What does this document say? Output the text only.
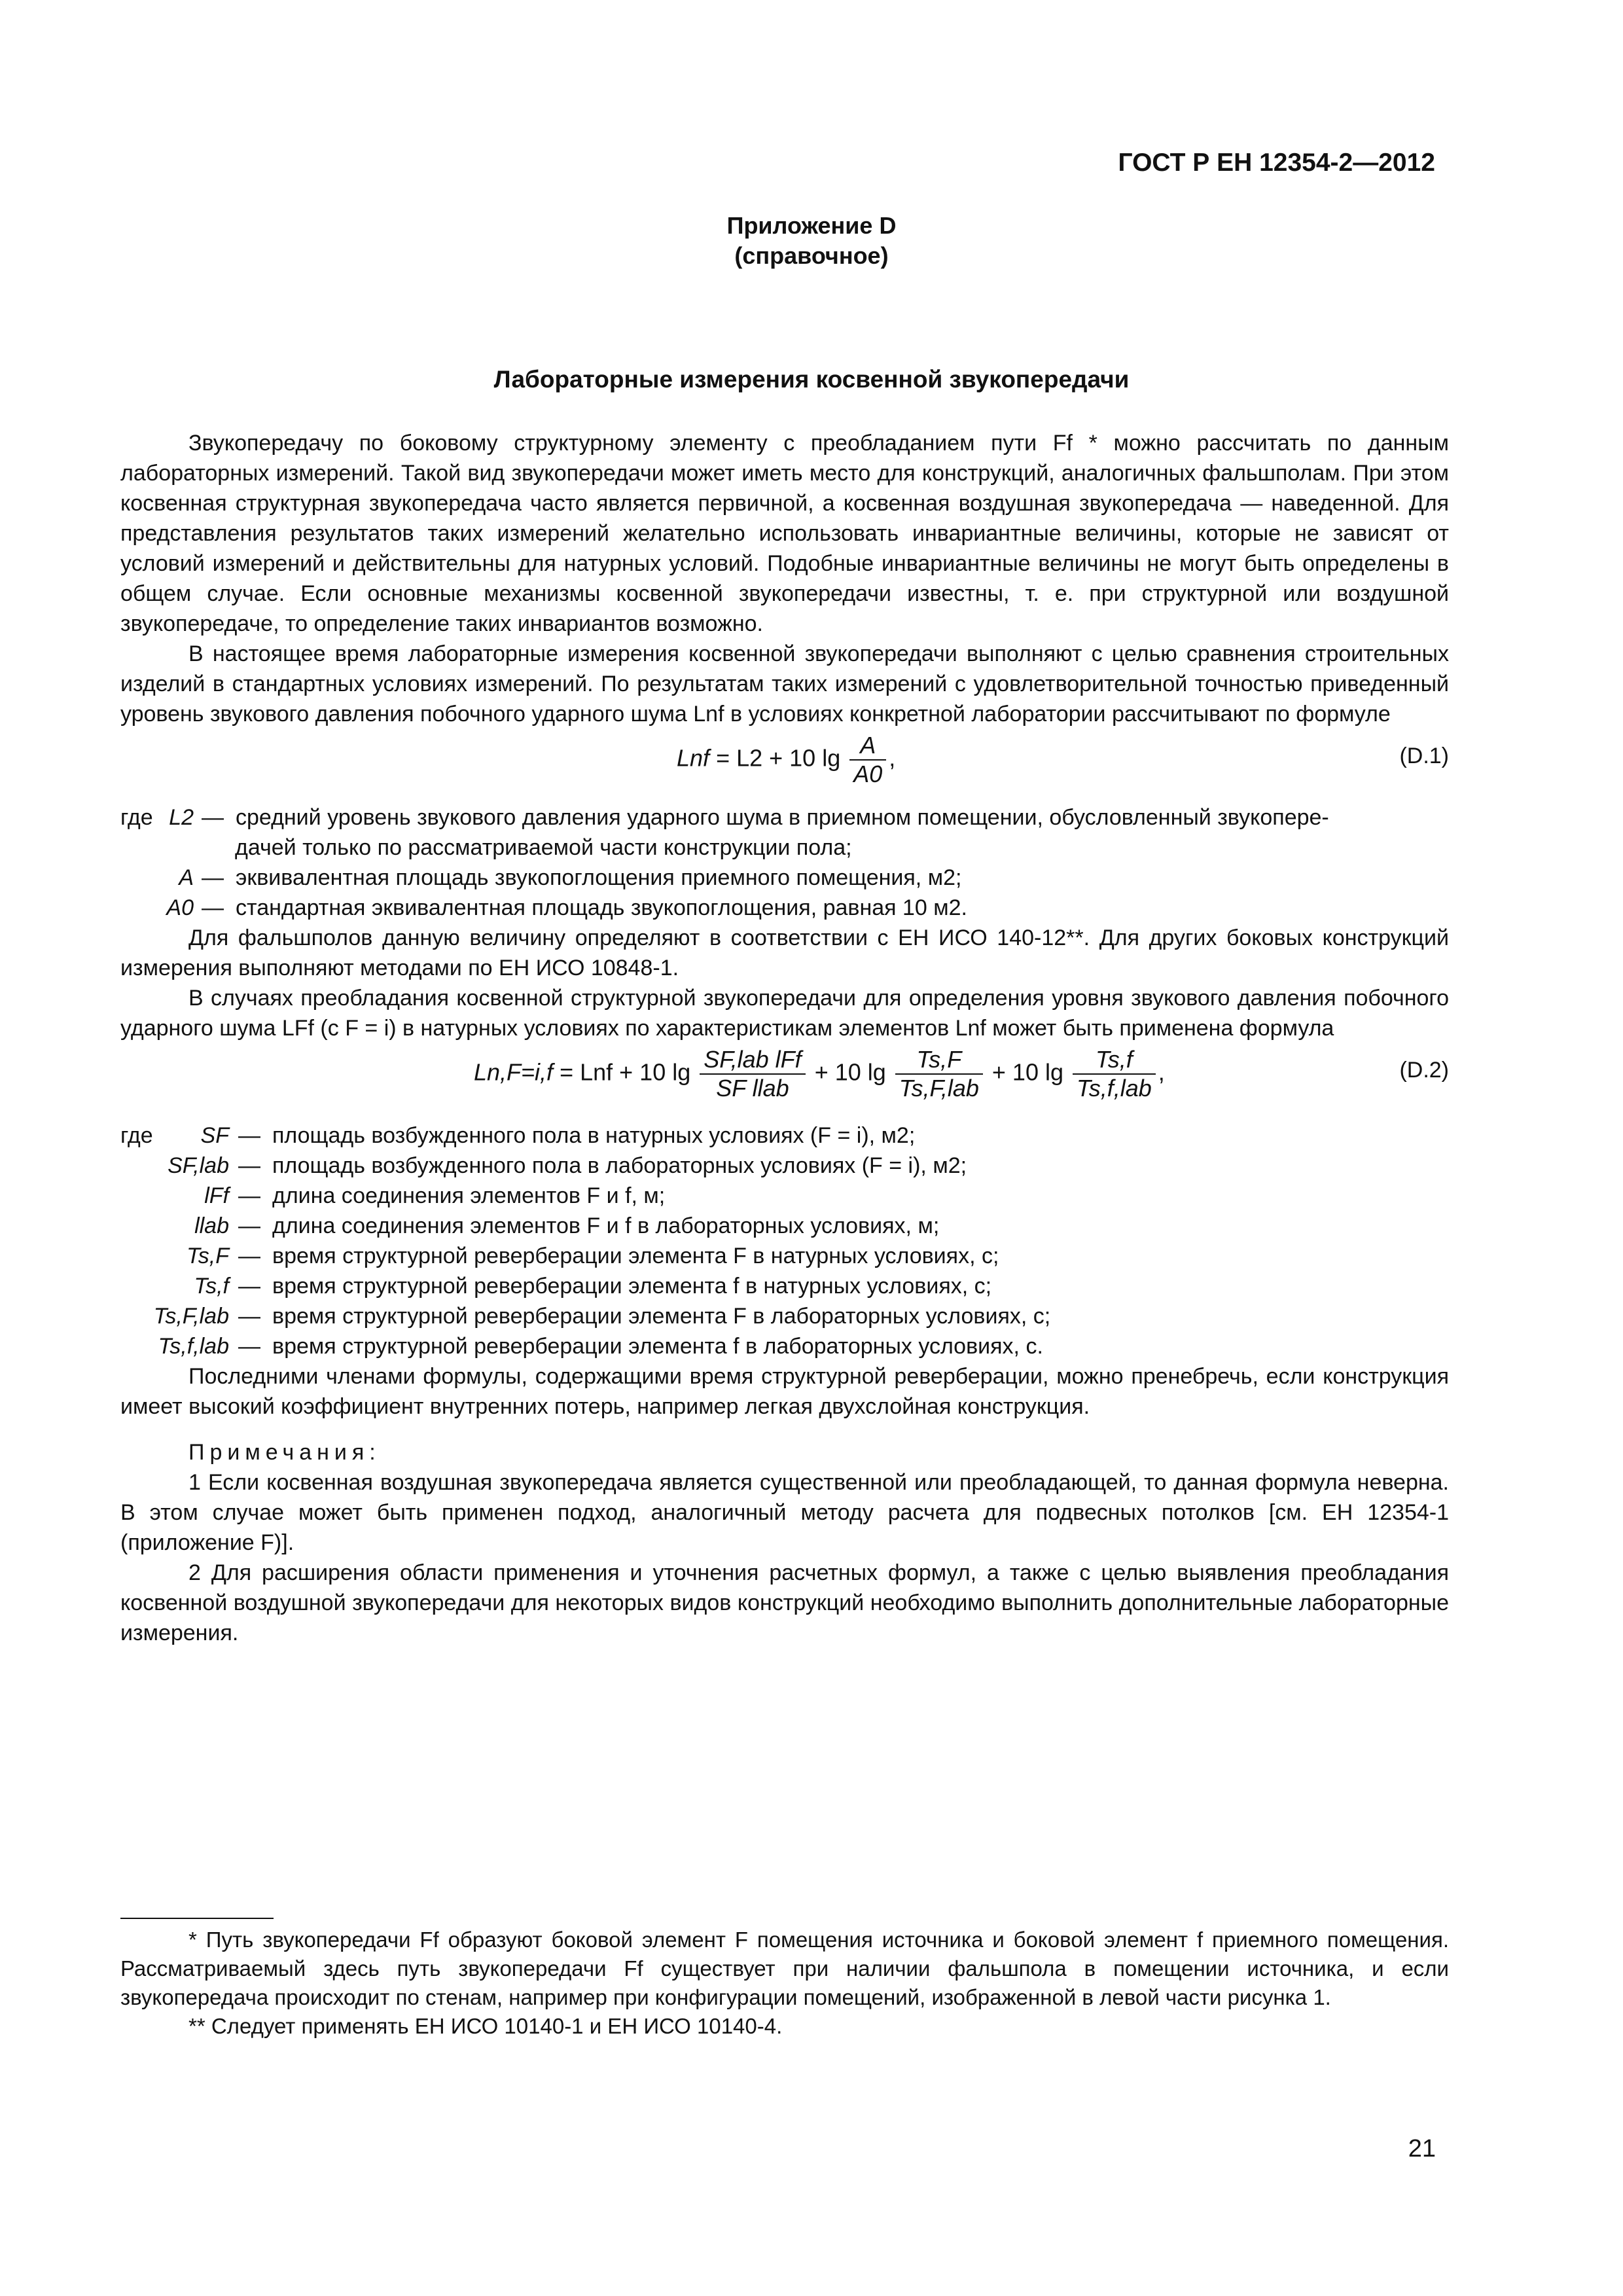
ГОСТ Р ЕН 12354-2—2012
Приложение D
(справочное)
Лабораторные измерения косвенной звукопередачи

Звукопередачу по боковому структурному элементу с преобладанием пути Ff * можно рассчитать по данным лабораторных измерений. Такой вид звукопередачи может иметь место для конструкций, аналогичных фальшполам. При этом косвенная структурная звукопередача часто является первичной, а косвенная воздушная звукопередача — наведенной. Для представления результатов таких измерений желательно использовать инвариантные величины, которые не зависят от условий измерений и действительны для натурных условий. Подобные инвариантные величины не могут быть определены в общем случае. Если основные механизмы косвенной звукопередачи известны, т. е. при структурной или воздушной звукопередаче, то определение таких инвариантов возможно.

В настоящее время лабораторные измерения косвенной звукопередачи выполняют с целью сравнения строительных изделий в стандартных условиях измерений. По результатам таких измерений с удовлетворительной точностью приведенный уровень звукового давления побочного ударного шума Lnf в условиях конкретной лаборатории рассчитывают по формуле

Lnf = L2 + 10 $\lg \frac{A}{A0}$ ,	(D.1)
где L2 — средний уровень звукового давления ударного шума в приемном помещении, обусловленный звукопере-

дачей только по рассматриваемой части конструкции пола;

A — эквивалентная площадь звукопоглощения приемного помещения, м2;
A0 — стандартная эквивалентная площадь звукопоглощения, равная 10 м2.

Для фальшполов данную величину определяют в соответствии с ЕН ИСО 140-12**. Для других боковых конструкций измерения выполняют методами по ЕН ИСО 10848-1.

В случаях преобладания косвенной структурной звукопередачи для определения уровня звукового давления побочного ударного шума LFf (с F = i) в натурных условиях по характеристикам элементов Lnf может быть применена формула

Ln,F=i,f = Lnf + 10 $\lg \frac{\text{SF,lab lFf}}{\text{SF llab}} + 10$ $\lg \frac{Ts,F}{\text{Ts,F,lab}} + 10$ $\lg \frac{Ts,f}{\text{Ts,f,lab}}$ ,	(D.2)
где	SF — площадь возбужденного пола в натурных условиях (F = i), м2;
SF,lab — площадь возбужденного пола в лабораторных условиях (F = i), м2;
lFf — длина соединения элементов F и f, м;
llab — длина соединения элементов F и f в лабораторных условиях, м;
Ts,F — время структурной реверберации элемента F в натурных условиях, с;
Ts,f — время структурной реверберации элемента f в натурных условиях, с;
Ts,F,lab — время структурной реверберации элемента F в лабораторных условиях, с;
Ts,f,lab — время структурной реверберации элемента f в лабораторных условиях, с.

Последними членами формулы, содержащими время структурной реверберации, можно пренебречь, если конструкция имеет высокий коэффициент внутренних потерь, например легкая двухслойная конструкция.

Примечания:

1 Если косвенная воздушная звукопередача является существенной или преобладающей, то данная формула неверна. В этом случае может быть применен подход, аналогичный методу расчета для подвесных потолков [см. ЕН 12354-1 (приложение F)].

2 Для расширения области применения и уточнения расчетных формул, а также с целью выявления преобладания косвенной воздушной звукопередачи для некоторых видов конструкций необходимо выполнить дополнительные лабораторные измерения.

* Путь звукопередачи Ff образуют боковой элемент F помещения источника и боковой элемент f приемного помещения. Рассматриваемый здесь путь звукопередачи Ff существует при наличии фальшпола в помещении источника, и если звукопередача происходит по стенам, например при конфигурации помещений, изображенной в левой части рисунка 1.

** Следует применять ЕН ИСО 10140-1 и ЕН ИСО 10140-4.

21
